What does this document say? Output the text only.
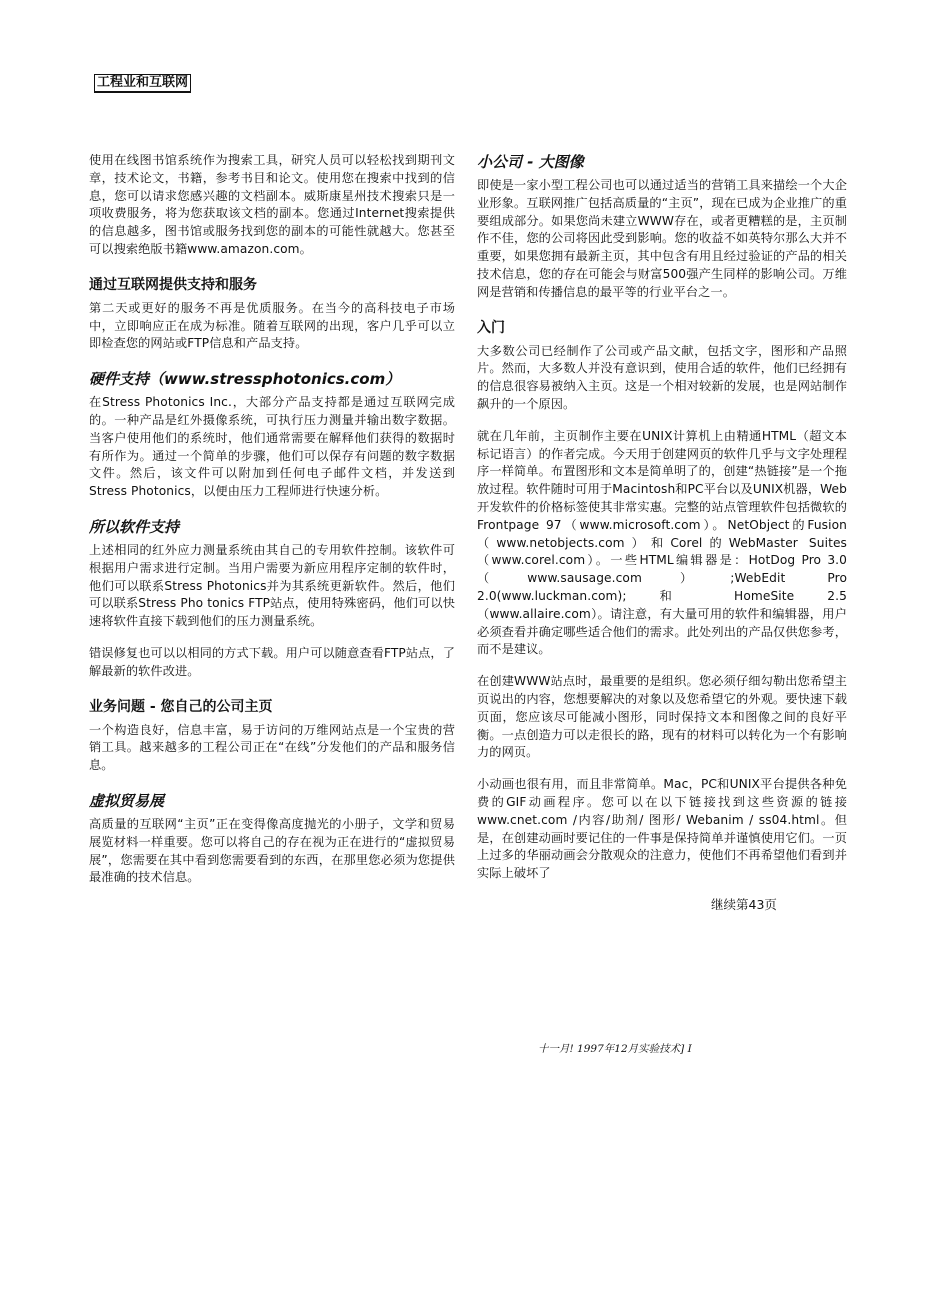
工程业和互联网

使用在线图书馆系统作为搜索工具，研究人员可以轻松找到期刊文章，技术论文，书籍，参考书目和论文。使用您在搜索中找到的信息，您可以请求您感兴趣的文档副本。威斯康星州技术搜索只是一项收费服务，将为您获取该文档的副本。您通过Internet搜索提供的信息越多，图书馆或服务找到您的副本的可能性就越大。您甚至可以搜索绝版书籍www.amazon.com。

通过互联网提供支持和服务

第二天或更好的服务不再是优质服务。在当今的高科技电子市场中，立即响应正在成为标准。随着互联网的出现，客户几乎可以立即检查您的网站或FTP信息和产品支持。

硬件支持（www.stressphotonics.com）

在Stress Photonics Inc.，大部分产品支持都是通过互联网完成的。一种产品是红外摄像系统，可执行压力测量并输出数字数据。当客户使用他们的系统时，他们通常需要在解释他们获得的数据时有所作为。通过一个简单的步骤，他们可以保存有问题的数字数据文件。然后，该文件可以附加到任何电子邮件文档，并发送到Stress Photonics，以便由压力工程师进行快速分析。

所以软件支持

上述相同的红外应力测量系统由其自己的专用软件控制。该软件可根据用户需求进行定制。当用户需要为新应用程序定制的软件时，他们可以联系Stress Photonics并为其系统更新软件。然后，他们可以联系Stress Pho tonics FTP站点，使用特殊密码，他们可以快速将软件直接下载到他们的压力测量系统。

错误修复也可以以相同的方式下载。用户可以随意查看FTP站点，了解最新的软件改进。

业务问题 - 您自己的公司主页

一个构造良好，信息丰富，易于访问的万维网站点是一个宝贵的营销工具。越来越多的工程公司正在“在线”分发他们的产品和服务信息。

虚拟贸易展

高质量的互联网“主页”正在变得像高度抛光的小册子，文学和贸易展览材料一样重要。您可以将自己的存在视为正在进行的“虚拟贸易展”，您需要在其中看到您需要看到的东西，在那里您必须为您提供最准确的技术信息。

小公司 - 大图像

即使是一家小型工程公司也可以通过适当的营销工具来描绘一个大企业形象。互联网推广包括高质量的“主页”，现在已成为企业推广的重要组成部分。如果您尚未建立WWW存在，或者更糟糕的是，主页制作不佳，您的公司将因此受到影响。您的收益不如英特尔那么大并不重要，如果您拥有最新主页，其中包含有用且经过验证的产品的相关技术信息，您的存在可能会与财富500强产生同样的影响公司。万维网是营销和传播信息的最平等的行业平台之一。

入门

大多数公司已经制作了公司或产品文献，包括文字，图形和产品照片。然而，大多数人并没有意识到，使用合适的软件，他们已经拥有的信息很容易被纳入主页。这是一个相对较新的发展，也是网站制作飙升的一个原因。

就在几年前，主页制作主要在UNIX计算机上由精通HTML（超文本标记语言）的作者完成。今天用于创建网页的软件几乎与文字处理程序一样简单。布置图形和文本是简单明了的，创建“热链接”是一个拖放过程。软件随时可用于Macintosh和PC平台以及UNIX机器，Web开发软件的价格标签使其非常实惠。完整的站点管理软件包括微软的Frontpage 97（www.microsoft.com）。NetObject的Fusion（www.netobjects.com）和Corel的WebMaster Suites（www.corel.com）。一些HTML编辑器是：HotDog Pro 3.0（www.sausage.com）;WebEdit Pro 2.0(www.luckman.com); 和 HomeSite 2.5（www.allaire.com）。请注意，有大量可用的软件和编辑器，用户必须查看并确定哪些适合他们的需求。此处列出的产品仅供您参考，而不是建议。

在创建WWW站点时，最重要的是组织。您必须仔细勾勒出您希望主页说出的内容，您想要解决的对象以及您希望它的外观。要快速下载页面，您应该尽可能减小图形，同时保持文本和图像之间的良好平衡。一点创造力可以走很长的路，现有的材料可以转化为一个有影响力的网页。

小动画也很有用，而且非常简单。Mac，PC和UNIX平台提供各种免费的GIF动画程序。您可以在以下链接找到这些资源的链接www.cnet.com /内容/助剂/ 图形/ Webanim / ss04.html。但是，在创建动画时要记住的一件事是保持简单并谨慎使用它们。一页上过多的华丽动画会分散观众的注意力，使他们不再希望他们看到并实际上破坏了

继续第43页
十一月! 1997年12月实验技术] I
